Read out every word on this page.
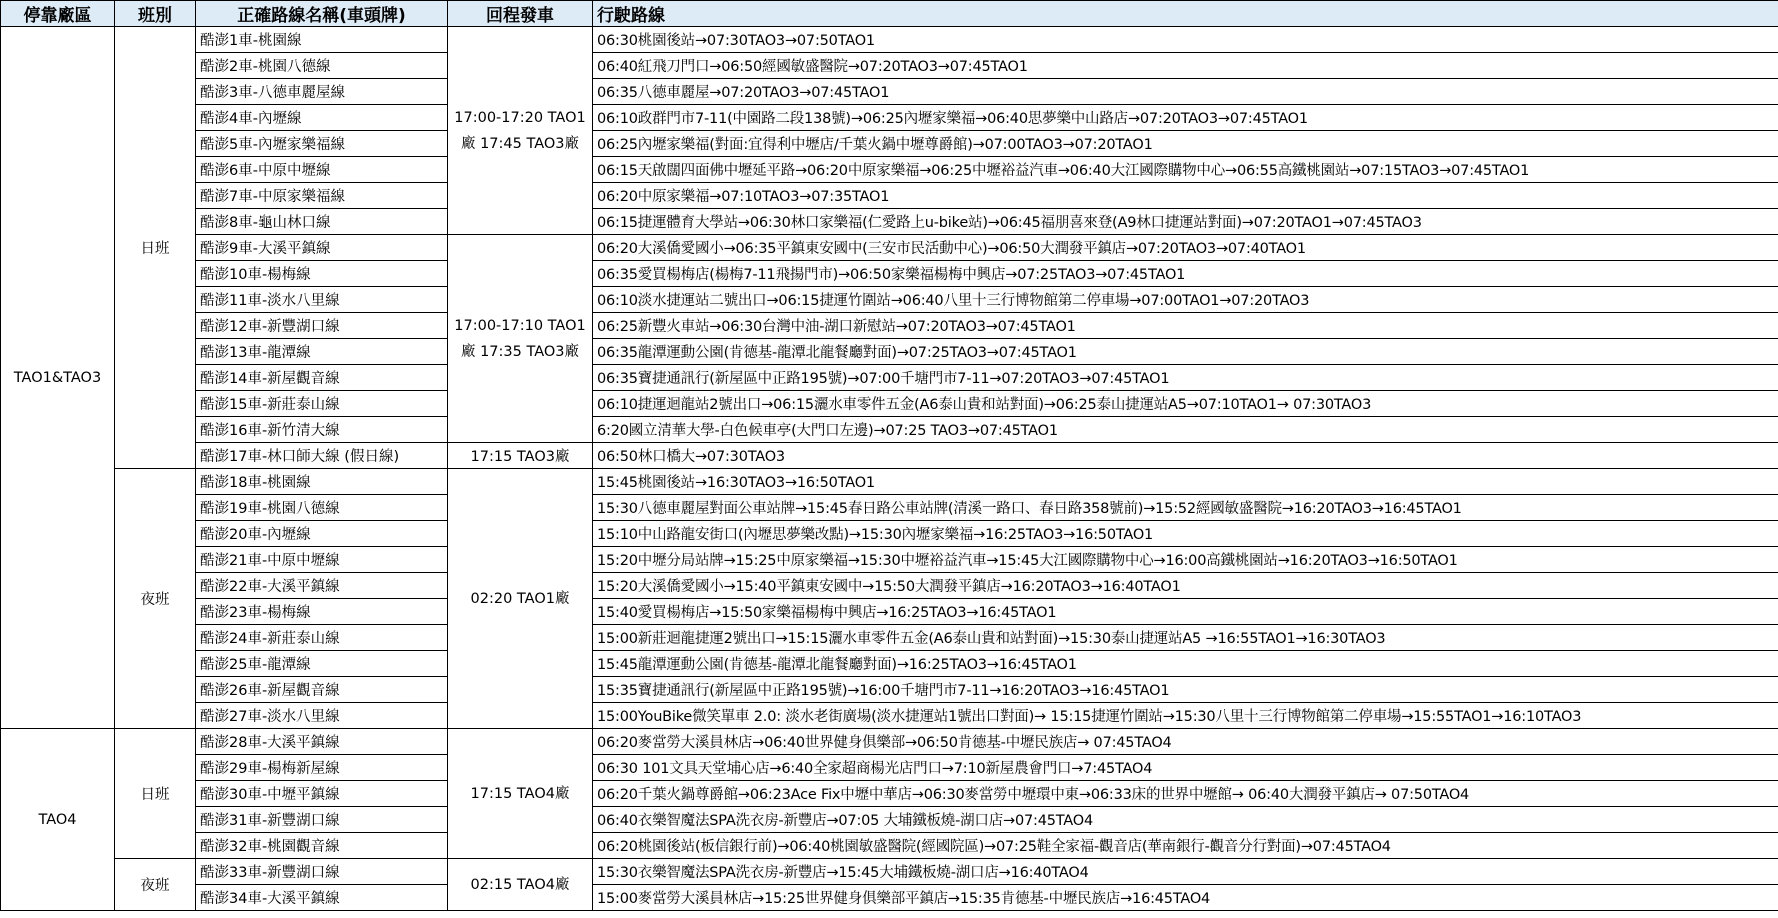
停靠廠區	班別	正確路線名稱(車頭牌)	回程發車	行駛路線
TAO1&TAO3	日班	酷澎1車-桃園線	17:00-17:20 TAO1廠 17:45 TAO3廠	06:30桃園後站→07:30TAO3→07:50TAO1
		酷澎2車-桃園八德線		06:40紅飛刀門口→06:50經國敏盛醫院→07:20TAO3→07:45TAO1
		酷澎3車-八德車麗屋線		06:35八德車麗屋→07:20TAO3→07:45TAO1
		酷澎4車-內壢線		06:10政群門市7-11(中園路二段138號)→06:25內壢家樂福→06:40思夢樂中山路店→07:20TAO3→07:45TAO1
		酷澎5車-內壢家樂福線		06:25內壢家樂福(對面:宜得利中壢店/千葉火鍋中壢尊爵館)→07:00TAO3→07:20TAO1
		酷澎6車-中原中壢線		06:15天啟闊四面佛中壢延平路→06:20中原家樂福→06:25中壢裕益汽車→06:40大江國際購物中心→06:55高鐵桃園站→07:15TAO3→07:45TAO1
		酷澎7車-中原家樂福線		06:20中原家樂福→07:10TAO3→07:35TAO1
		酷澎8車-龜山林口線		06:15捷運體育大學站→06:30林口家樂福(仁愛路上u-bike站)→06:45福朋喜來登(A9林口捷運站對面)→07:20TAO1→07:45TAO3
		酷澎9車-大溪平鎮線	17:00-17:10 TAO1廠 17:35 TAO3廠	06:20大溪僑愛國小→06:35平鎮東安國中(三安市民活動中心)→06:50大潤發平鎮店→07:20TAO3→07:40TAO1
		酷澎10車-楊梅線		06:35愛買楊梅店(楊梅7-11飛揚門市)→06:50家樂福楊梅中興店→07:25TAO3→07:45TAO1
		酷澎11車-淡水八里線		06:10淡水捷運站二號出口→06:15捷運竹圍站→06:40八里十三行博物館第二停車場→07:00TAO1→07:20TAO3
		酷澎12車-新豐湖口線		06:25新豐火車站→06:30台灣中油-湖口新慰站→07:20TAO3→07:45TAO1
		酷澎13車-龍潭線		06:35龍潭運動公園(肯德基-龍潭北龍餐廳對面)→07:25TAO3→07:45TAO1
		酷澎14車-新屋觀音線		06:35寶捷通訊行(新屋區中正路195號)→07:00千塘門市7-11→07:20TAO3→07:45TAO1
		酷澎15車-新莊泰山線		06:10捷運迴龍站2號出口→06:15灑水車零件五金(A6泰山貴和站對面)→06:25泰山捷運站A5→07:10TAO1→ 07:30TAO3
		酷澎16車-新竹清大線		6:20國立清華大學-白色候車亭(大門口左邊)→07:25 TAO3→07:45TAO1
		酷澎17車-林口師大線 (假日線)	17:15 TAO3廠	06:50林口橋大→07:30TAO3
	夜班	酷澎18車-桃園線	02:20 TAO1廠	15:45桃園後站→16:30TAO3→16:50TAO1
		酷澎19車-桃園八德線		15:30八德車麗屋對面公車站牌→15:45春日路公車站牌(清溪一路口、春日路358號前)→15:52經國敏盛醫院→16:20TAO3→16:45TAO1
		酷澎20車-內壢線		15:10中山路龍安街口(內壢思夢樂改點)→15:30內壢家樂福→16:25TAO3→16:50TAO1
		酷澎21車-中原中壢線		15:20中壢分局站牌→15:25中原家樂福→15:30中壢裕益汽車→15:45大江國際購物中心→16:00高鐵桃園站→16:20TAO3→16:50TAO1
		酷澎22車-大溪平鎮線		15:20大溪僑愛國小→15:40平鎮東安國中→15:50大潤發平鎮店→16:20TAO3→16:40TAO1
		酷澎23車-楊梅線		15:40愛買楊梅店→15:50家樂福楊梅中興店→16:25TAO3→16:45TAO1
		酷澎24車-新莊泰山線		15:00新莊迴龍捷運2號出口→15:15灑水車零件五金(A6泰山貴和站對面)→15:30泰山捷運站A5 →16:55TAO1→16:30TAO3
		酷澎25車-龍潭線		15:45龍潭運動公園(肯德基-龍潭北龍餐廳對面)→16:25TAO3→16:45TAO1
		酷澎26車-新屋觀音線		15:35寶捷通訊行(新屋區中正路195號)→16:00千塘門市7-11→16:20TAO3→16:45TAO1
		酷澎27車-淡水八里線		15:00YouBike微笑單車 2.0: 淡水老街廣場(淡水捷運站1號出口對面)→ 15:15捷運竹圍站→15:30八里十三行博物館第二停車場→15:55TAO1→16:10TAO3
TAO4	日班	酷澎28車-大溪平鎮線	17:15 TAO4廠	06:20麥當勞大溪員林店→06:40世界健身俱樂部→06:50肯德基-中壢民族店→ 07:45TAO4
		酷澎29車-楊梅新屋線		06:30 101文具天堂埔心店→6:40全家超商楊光店門口→7:10新屋農會門口→7:45TAO4
		酷澎30車-中壢平鎮線		06:20千葉火鍋尊爵館→06:23Ace Fix中壢中華店→06:30麥當勞中壢環中東→06:33床的世界中壢館→ 06:40大潤發平鎮店→ 07:50TAO4
		酷澎31車-新豐湖口線		06:40衣樂智魔法SPA洗衣房-新豐店→07:05 大埔鐵板燒-湖口店→07:45TAO4
		酷澎32車-桃園觀音線		06:20桃園後站(板信銀行前)→06:40桃園敏盛醫院(經國院區)→07:25鞋全家福-觀音店(華南銀行-觀音分行對面)→07:45TAO4
	夜班	酷澎33車-新豐湖口線	02:15 TAO4廠	15:30衣樂智魔法SPA洗衣房-新豐店→15:45大埔鐵板燒-湖口店→16:40TAO4
		酷澎34車-大溪平鎮線		15:00麥當勞大溪員林店→15:25世界健身俱樂部平鎮店→15:35肯德基-中壢民族店→16:45TAO4
